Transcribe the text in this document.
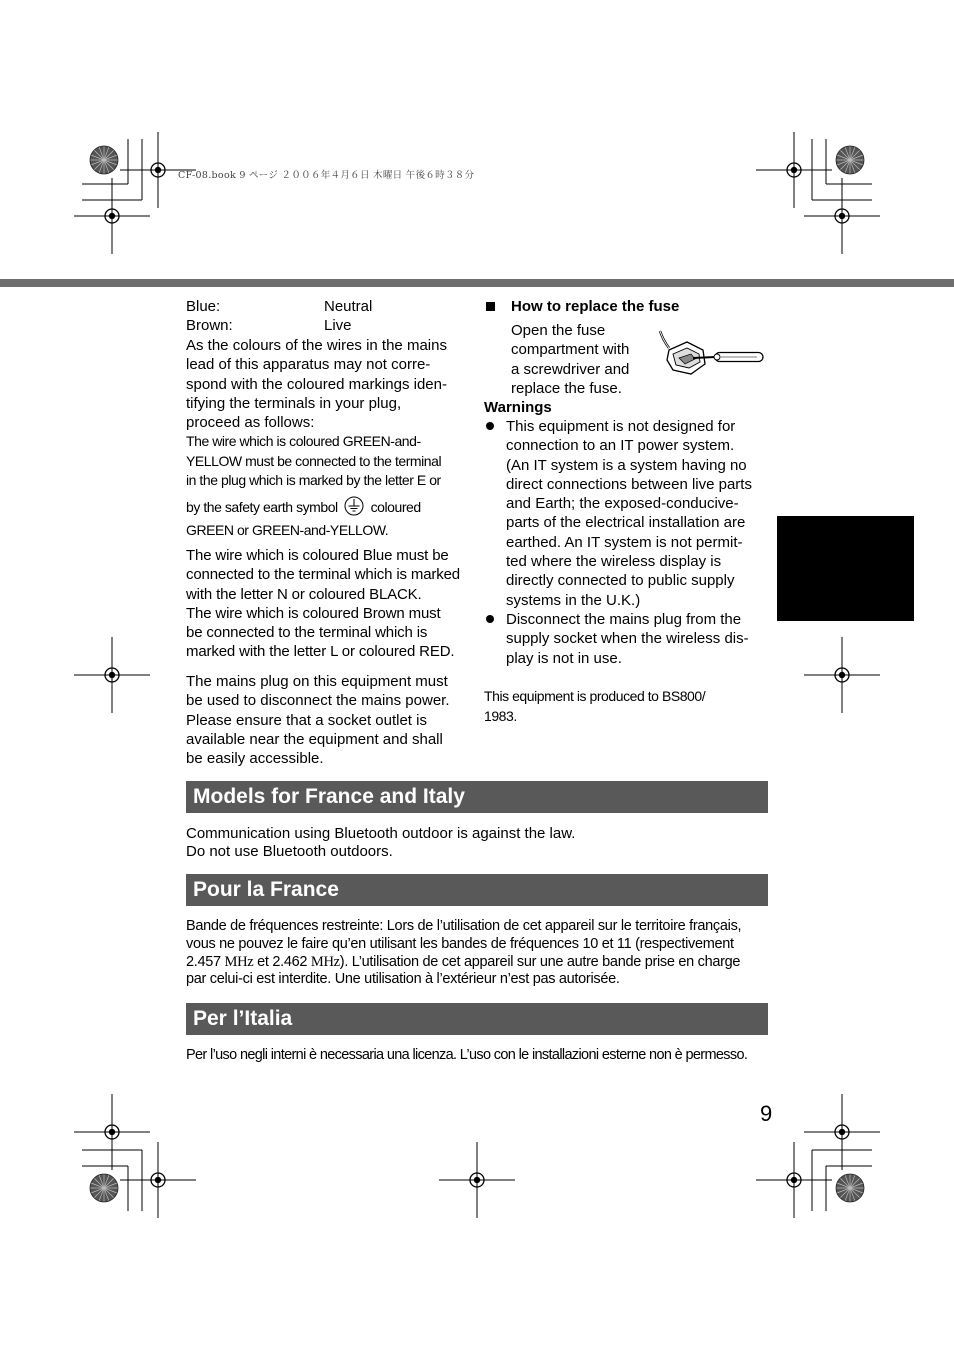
CF-08.book 9 ページ ２００６年４月６日 木曜日 午後６時３８分
Blue:	Neutral
Brown:	Live
As the colours of the wires in the mains
lead of this apparatus may not corre-
spond with the coloured markings iden-
tifying the terminals in your plug,
proceed as follows:
The wire which is coloured GREEN-and-
YELLOW must be connected to the terminal
in the plug which is marked by the letter E or
by the safety earth symbol coloured
GREEN or GREEN-and-YELLOW.
The wire which is coloured Blue must be
connected to the terminal which is marked
with the letter N or coloured BLACK.
The wire which is coloured Brown must
be connected to the terminal which is
marked with the letter L or coloured RED.
The mains plug on this equipment must
be used to disconnect the mains power.
Please ensure that a socket outlet is
available near the equipment and shall
be easily accessible.
How to replace the fuse
Open the fuse
compartment with
a screwdriver and
replace the fuse.
Warnings
This equipment is not designed for
connection to an IT power system.
(An IT system is a system having no
direct connections between live parts
and Earth; the exposed-conducive-
parts of the electrical installation are
earthed. An IT system is not permit-
ted where the wireless display is
directly connected to public supply
systems in the U.K.)
Disconnect the mains plug from the
supply socket when the wireless dis-
play is not in use.
This equipment is produced to BS800/
1983.
Models for France and Italy
Communication using Bluetooth outdoor is against the law.
Do not use Bluetooth outdoors.
Pour la France
Bande de fréquences restreinte: Lors de l’utilisation de cet appareil sur le territoire français,
vous ne pouvez le faire qu’en utilisant les bandes de fréquences 10 et 11 (respectivement
2.457 MHz et 2.462 MHz). L’utilisation de cet appareil sur une autre bande prise en charge
par celui-ci est interdite. Une utilisation à l’extérieur n’est pas autorisée.
Per l’Italia
Per l’uso negli interni è necessaria una licenza. L’uso con le installazioni esterne non è permesso.
9
